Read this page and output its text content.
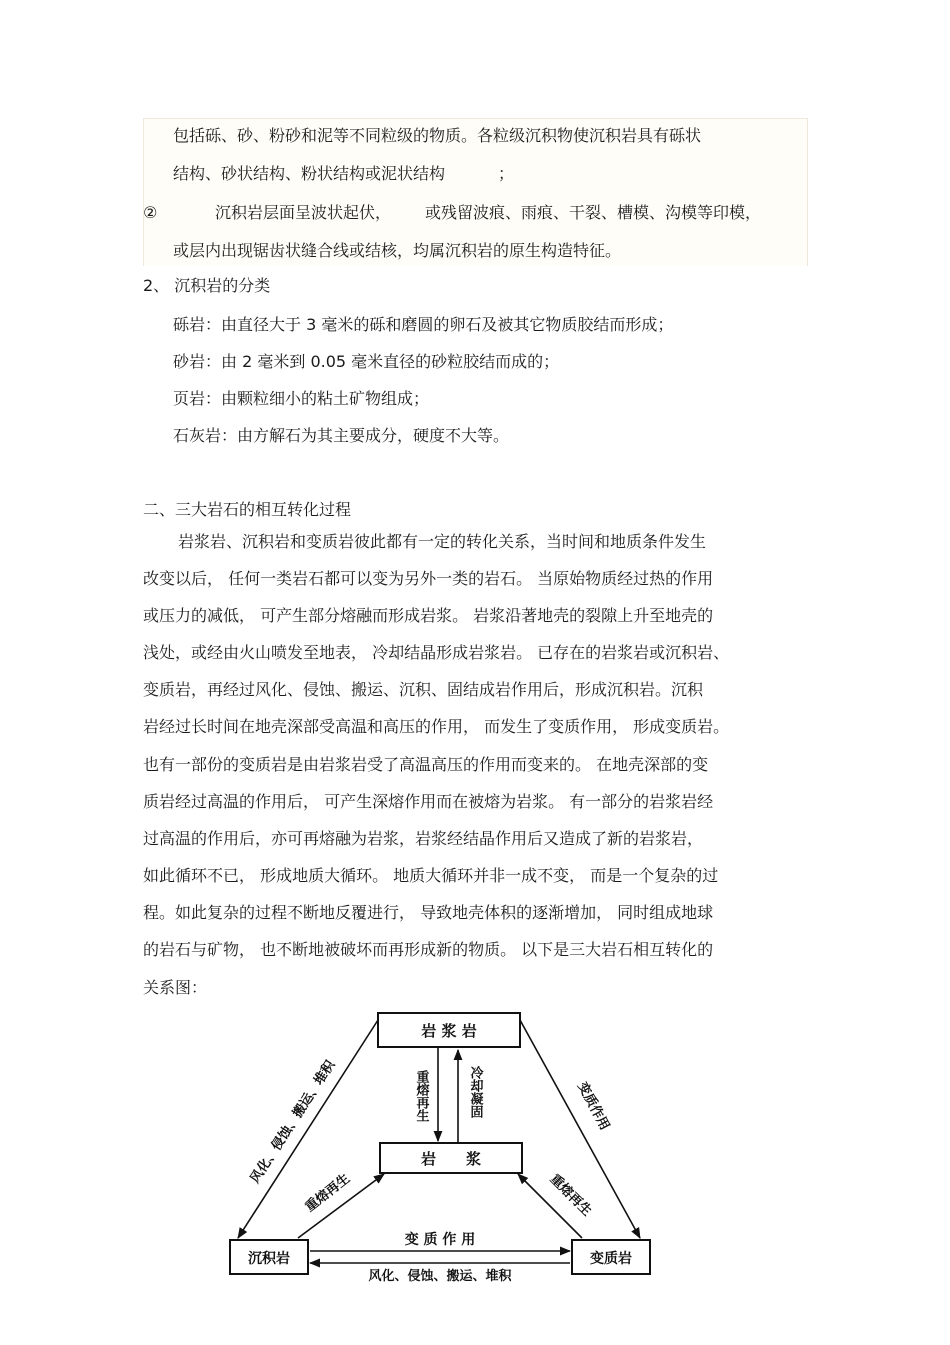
包括砾、砂、粉砂和泥等不同粒级的物质。各粒级沉积物使沉积岩具有砾状
结构、砂状结构、粉状结构或泥状结构	；
②	沉积岩层面呈波状起伏， 或残留波痕、雨痕、干裂、槽模、沟模等印模，
或层内出现锯齿状缝合线或结核，均属沉积岩的原生构造特征。
2、 沉积岩的分类
砾岩：由直径大于 3 毫米的砾和磨圆的卵石及被其它物质胶结而形成；
砂岩：由 2 毫米到 0.05 毫米直径的砂粒胶结而成的；
页岩：由颗粒细小的粘土矿物组成；
石灰岩：由方解石为其主要成分，硬度不大等。
二、三大岩石的相互转化过程
岩浆岩、沉积岩和变质岩彼此都有一定的转化关系，当时间和地质条件发生
改变以后， 任何一类岩石都可以变为另外一类的岩石。 当原始物质经过热的作用
或压力的减低， 可产生部分熔融而形成岩浆。 岩浆沿著地壳的裂隙上升至地壳的
浅处，或经由火山喷发至地表， 冷却结晶形成岩浆岩。 已存在的岩浆岩或沉积岩、
变质岩，再经过风化、侵蚀、搬运、沉积、固结成岩作用后，形成沉积岩。沉积
岩经过长时间在地壳深部受高温和高压的作用， 而发生了变质作用， 形成变质岩。
也有一部份的变质岩是由岩浆岩受了高温高压的作用而变来的。 在地壳深部的变
质岩经过高温的作用后， 可产生深熔作用而在被熔为岩浆。 有一部分的岩浆岩经
过高温的作用后，亦可再熔融为岩浆，岩浆经结晶作用后又造成了新的岩浆岩，
如此循环不已， 形成地质大循环。 地质大循环并非一成不变， 而是一个复杂的过
程。如此复杂的过程不断地反覆进行， 导致地壳体积的逐渐增加， 同时组成地球
的岩石与矿物， 也不断地被破坏而再形成新的物质。 以下是三大岩石相互转化的
关系图：
岩 浆 岩
岩　　浆
沉积岩	变质岩
重熔再生	冷却凝固
风化、侵蚀、搬运、堆积	变质作用
重熔再生	重熔再生
变 质 作 用
风化、侵蚀、搬运、堆积
